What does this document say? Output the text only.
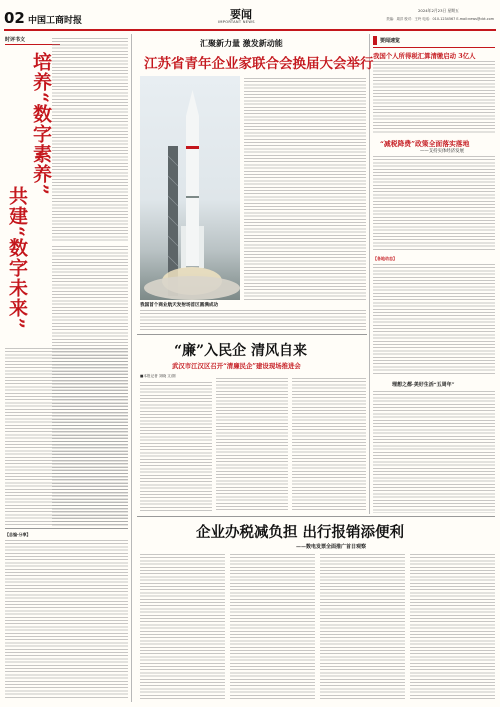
02 中国工商时报	要闻
IMPORTANT NEWS
2024年2月23日 星期五
责编：周洋 校对：王玲 电话：010-1234567 E-mail:news@cbt.com
时评书文
培养“数字素养”
共建“数字未来”
【总编·分享】
汇聚新力量 激发新动能
江苏省青年企业家联合会换届大会举行
我国首个商业航天发射场首区圆满成功
“廉”入民企 清风自来
武汉市江汉区召开“清廉民企”建设现场推进会
■本报记者 刘晓 文/图
要闻速览
我国个人所得税汇算清缴启动 3亿人
“减税降费”政策全面落实落地
——支持实体经济发展
【各地动态】
理想之都·美好生活“五周年”
企业办税减负担 出行报销添便利
——数电发票全面推广首日观察
